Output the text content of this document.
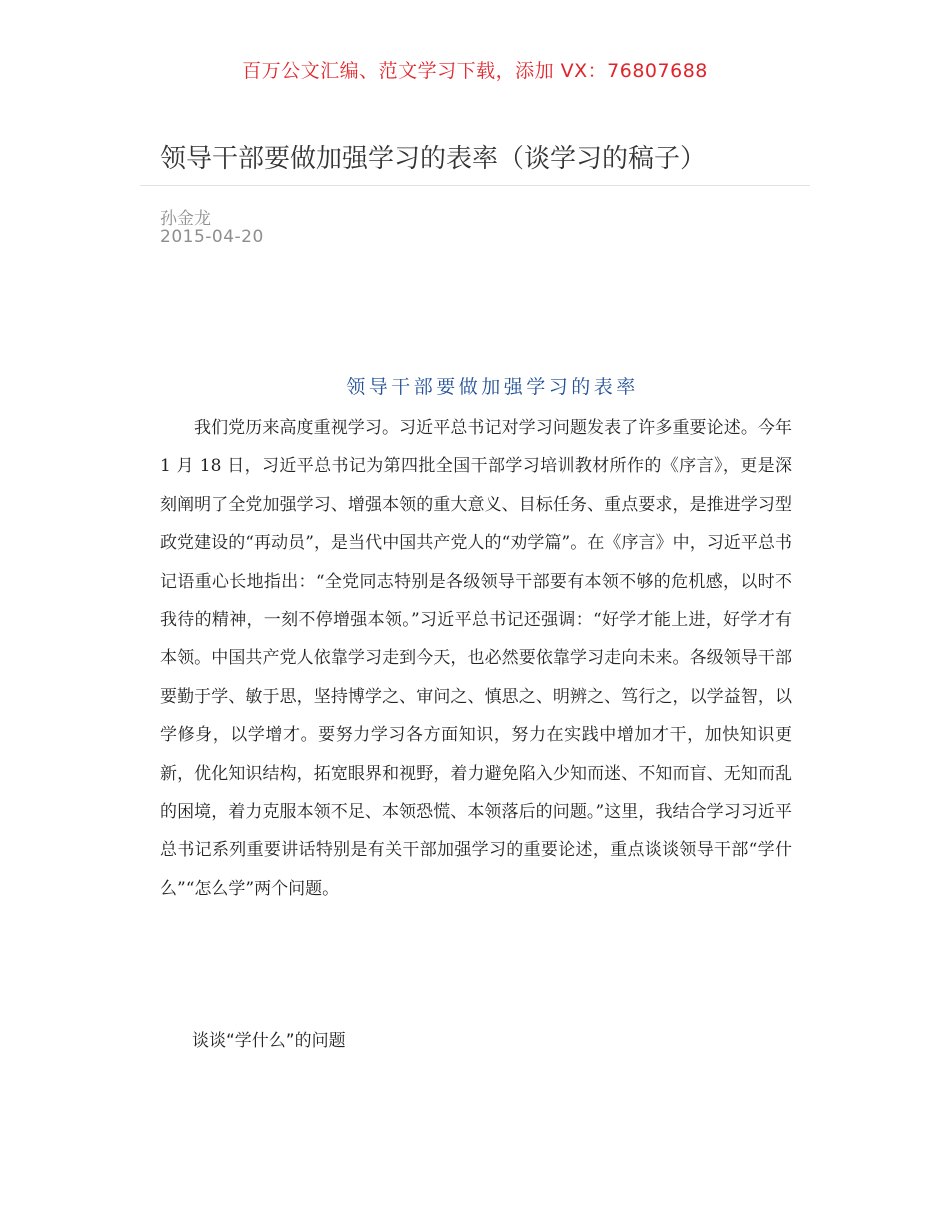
百万公文汇编、范文学习下载，添加 VX：76807688
领导干部要做加强学习的表率（谈学习的稿子）
孙金龙
2015-04-20
领导干部要做加强学习的表率

我们党历来高度重视学习。习近平总书记对学习问题发表了许多重要论述。今年 1 月 18 日，习近平总书记为第四批全国干部学习培训教材所作的《序言》，更是深刻阐明了全党加强学习、增强本领的重大意义、目标任务、重点要求，是推进学习型政党建设的“再动员”，是当代中国共产党人的“劝学篇”。在《序言》中，习近平总书记语重心长地指出：“全党同志特别是各级领导干部要有本领不够的危机感，以时不我待的精神，一刻不停增强本领。”习近平总书记还强调：“好学才能上进，好学才有本领。中国共产党人依靠学习走到今天，也必然要依靠学习走向未来。各级领导干部要勤于学、敏于思，坚持博学之、审问之、慎思之、明辨之、笃行之，以学益智，以学修身，以学增才。要努力学习各方面知识，努力在实践中增加才干，加快知识更新，优化知识结构，拓宽眼界和视野，着力避免陷入少知而迷、不知而盲、无知而乱的困境，着力克服本领不足、本领恐慌、本领落后的问题。”这里，我结合学习习近平总书记系列重要讲话特别是有关干部加强学习的重要论述，重点谈谈领导干部“学什么”“怎么学”两个问题。

谈谈“学什么”的问题
